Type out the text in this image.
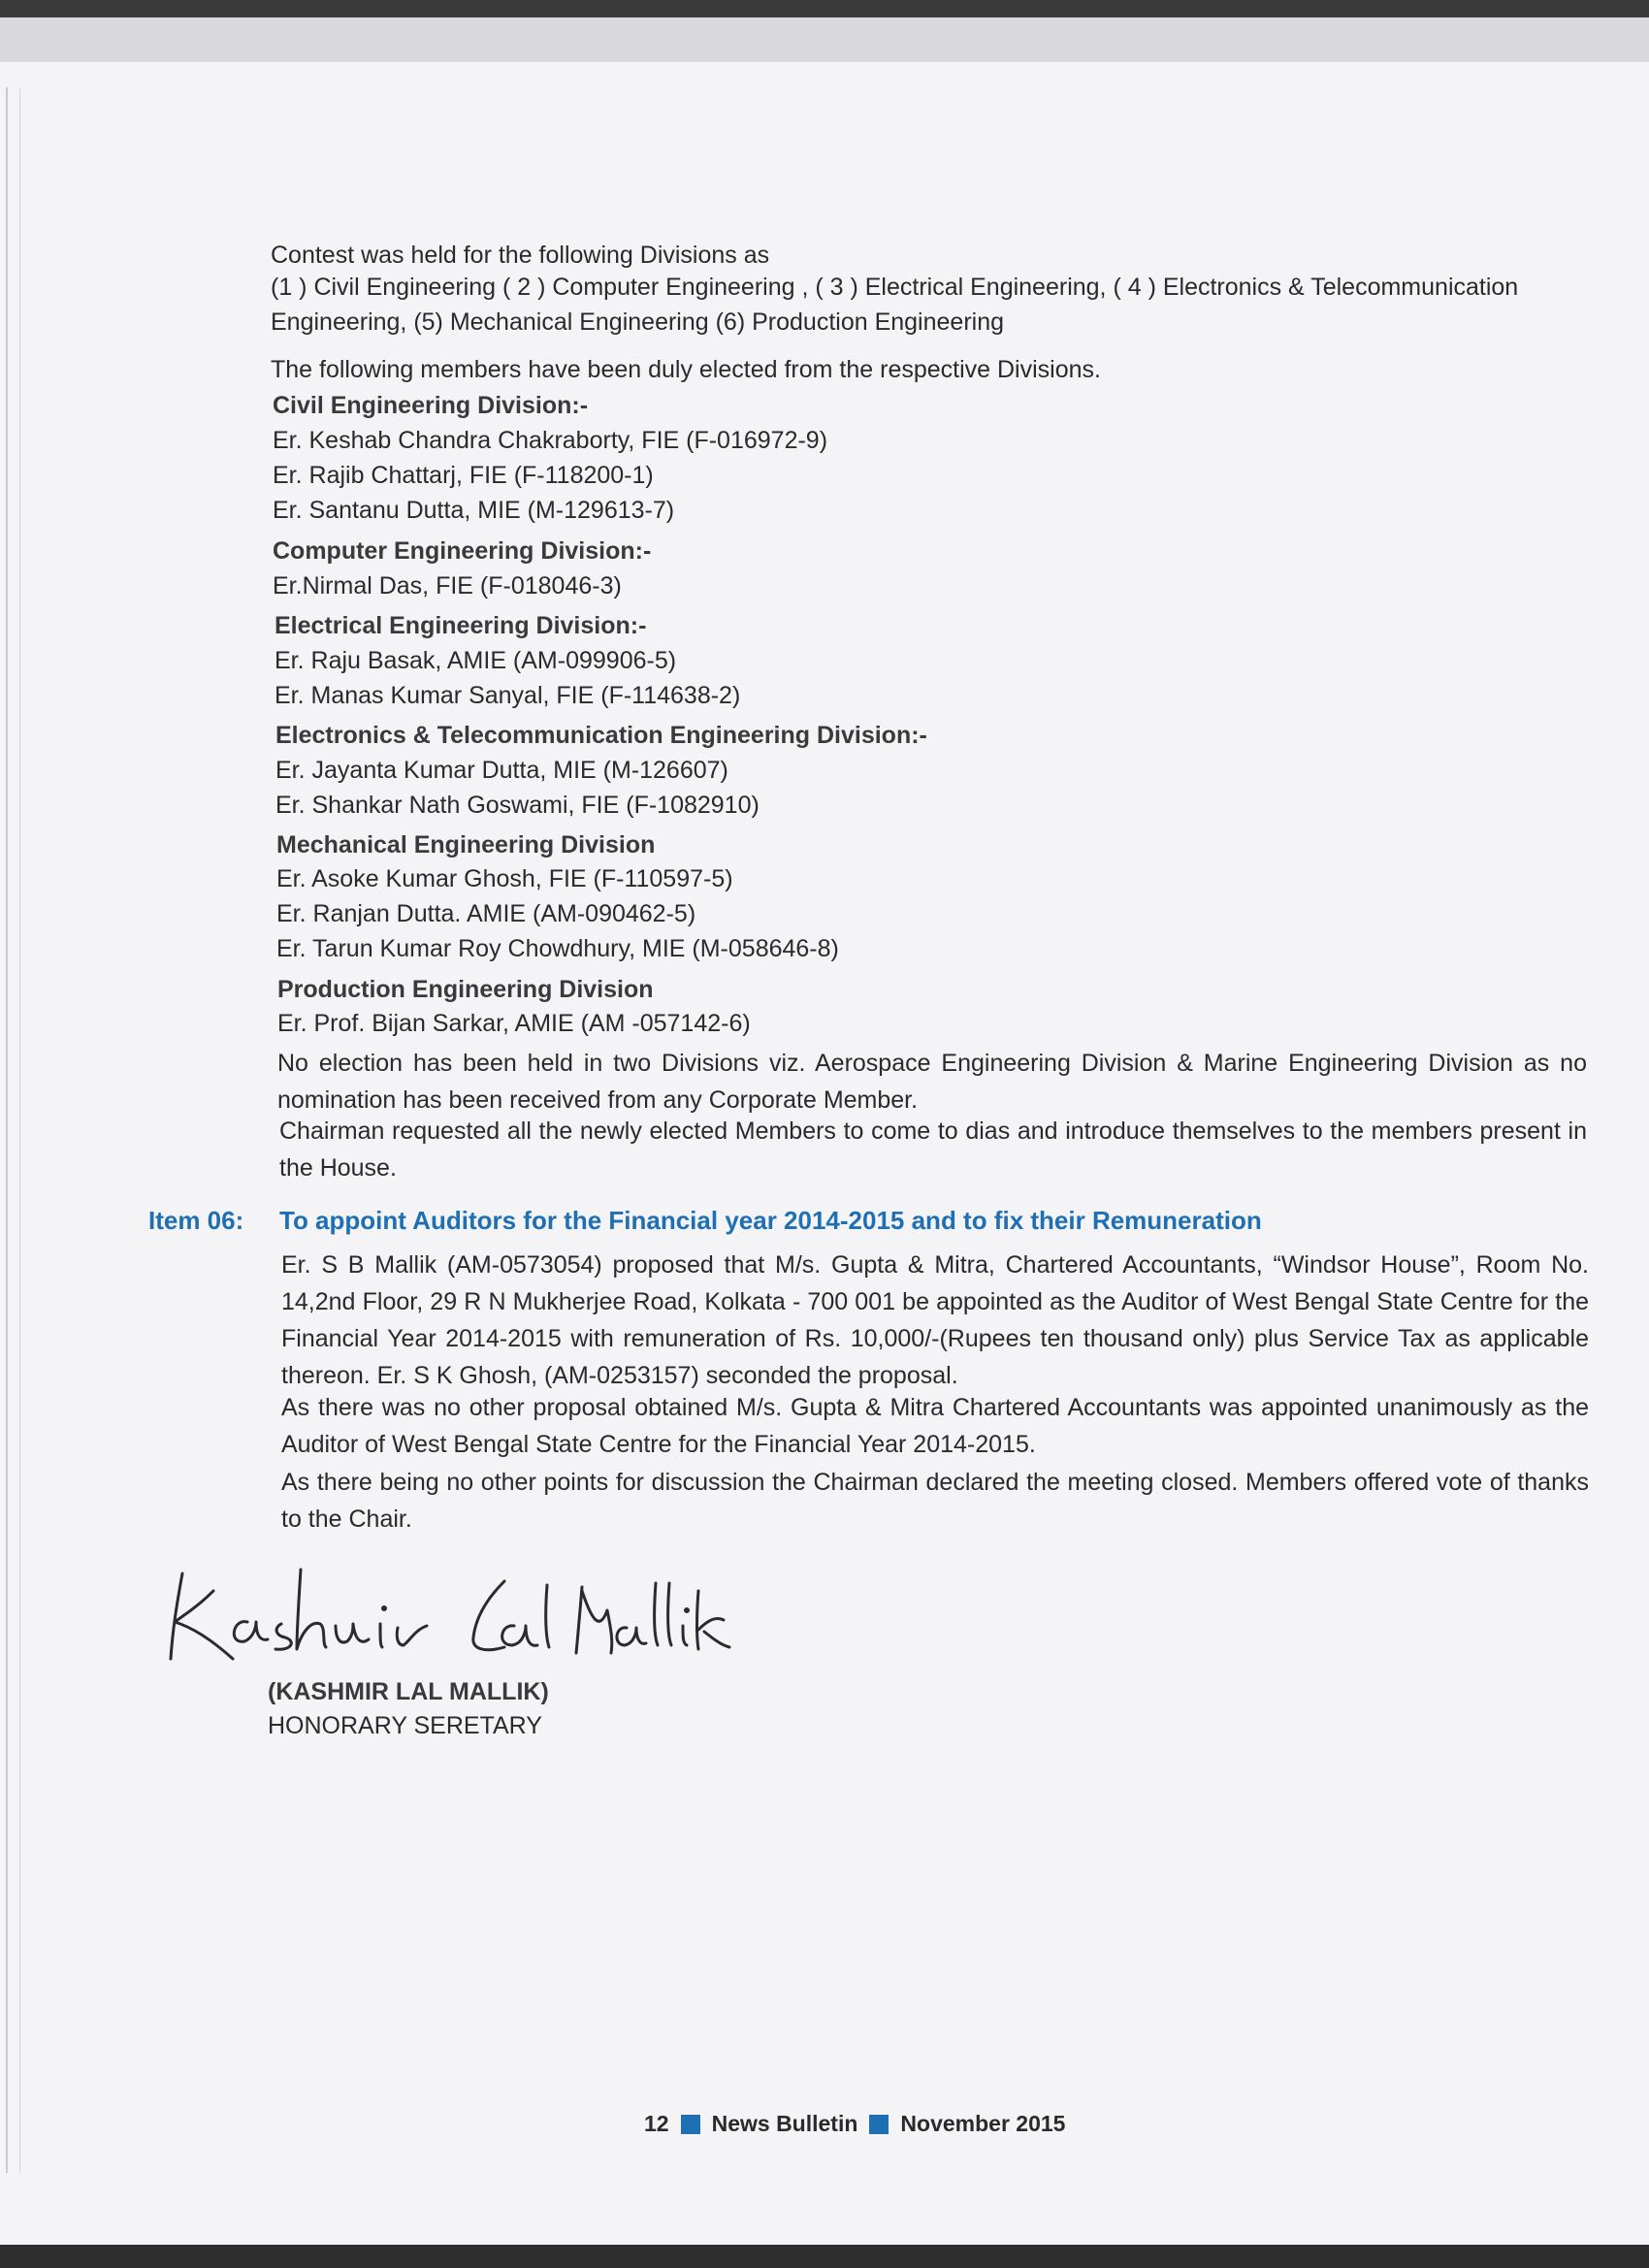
Contest was held for the following Divisions as

(1 ) Civil Engineering ( 2 ) Computer Engineering , ( 3 ) Electrical Engineering, ( 4 ) Electronics & Telecommunication

Engineering, (5) Mechanical Engineering (6) Production Engineering

The following members have been duly elected from the respective Divisions.

Civil Engineering Division:-

Er. Keshab Chandra Chakraborty, FIE (F-016972-9)

Er. Rajib Chattarj, FIE (F-118200-1)

Er. Santanu Dutta, MIE (M-129613-7)

Computer Engineering Division:-

Er.Nirmal Das, FIE (F-018046-3)

Electrical Engineering Division:-

Er. Raju Basak, AMIE (AM-099906-5)

Er. Manas Kumar Sanyal, FIE (F-114638-2)

Electronics & Telecommunication Engineering Division:-

Er. Jayanta Kumar Dutta, MIE (M-126607)

Er. Shankar Nath Goswami, FIE (F-1082910)

Mechanical Engineering Division

Er. Asoke Kumar Ghosh, FIE (F-110597-5)

Er. Ranjan Dutta. AMIE (AM-090462-5)

Er. Tarun Kumar Roy Chowdhury, MIE (M-058646-8)

Production Engineering Division

Er. Prof. Bijan Sarkar, AMIE (AM -057142-6)

No election has been held in two Divisions viz. Aerospace Engineering Division & Marine Engineering Division as no nomination has been received from any Corporate Member.

Chairman requested all the newly elected Members to come to dias and introduce themselves to the members present in the House.

Item 06: To appoint Auditors for the Financial year 2014-2015 and to fix their Remuneration

Er. S B Mallik (AM-0573054) proposed that M/s. Gupta & Mitra, Chartered Accountants, “Windsor House”, Room No. 14,2nd Floor, 29 R N Mukherjee Road, Kolkata - 700 001 be appointed as the Auditor of West Bengal State Centre for the Financial Year 2014-2015 with remuneration of Rs. 10,000/-(Rupees ten thousand only) plus Service Tax as applicable thereon. Er. S K Ghosh, (AM-0253157) seconded the proposal.

As there was no other proposal obtained M/s. Gupta & Mitra Chartered Accountants was appointed unanimously as the Auditor of West Bengal State Centre for the Financial Year 2014-2015.

As there being no other points for discussion the Chairman declared the meeting closed. Members offered vote of thanks to the Chair.

(KASHMIR LAL MALLIK)

HONORARY SERETARY

12 News Bulletin November 2015
